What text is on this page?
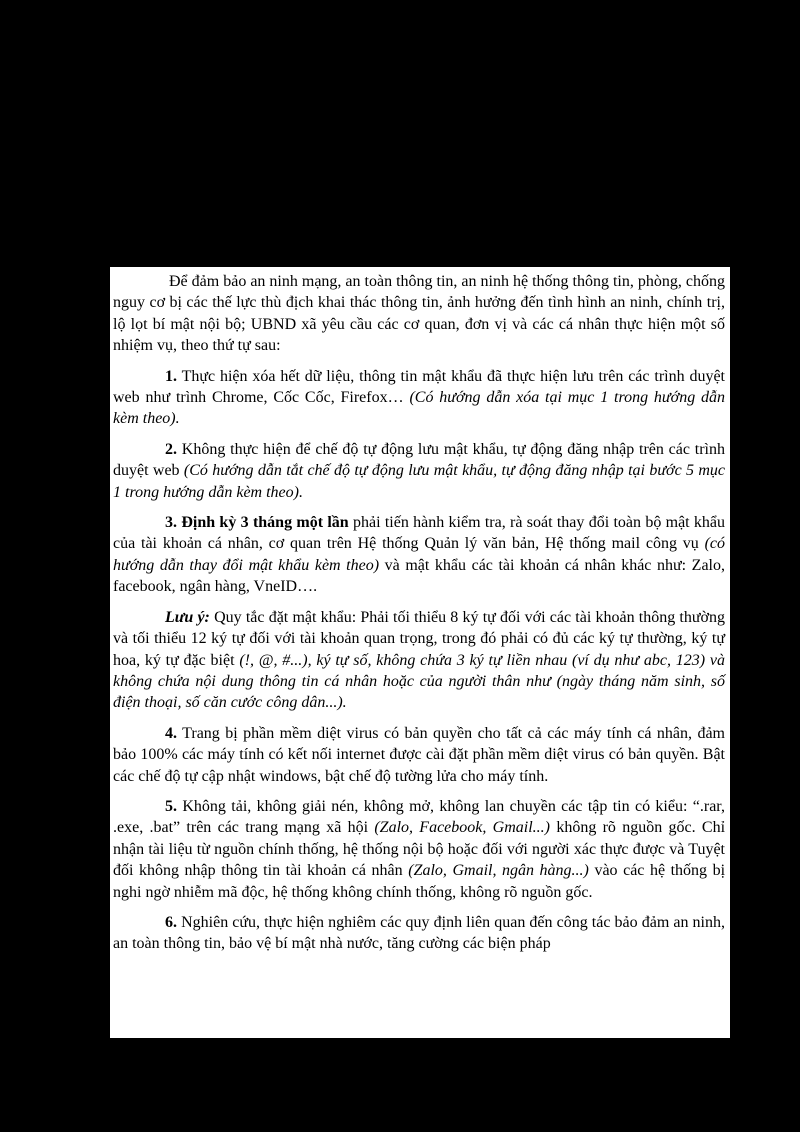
Để đảm bảo an ninh mạng, an toàn thông tin, an ninh hệ thống thông tin, phòng, chống nguy cơ bị các thế lực thù địch khai thác thông tin, ảnh hưởng đến tình hình an ninh, chính trị, lộ lọt bí mật nội bộ; UBND xã yêu cầu các cơ quan, đơn vị và các cá nhân thực hiện một số nhiệm vụ, theo thứ tự sau:

1. Thực hiện xóa hết dữ liệu, thông tin mật khẩu đã thực hiện lưu trên các trình duyệt web như trình Chrome, Cốc Cốc, Firefox… (Có hướng dẫn xóa tại mục 1 trong hướng dẫn kèm theo).

2. Không thực hiện để chế độ tự động lưu mật khẩu, tự động đăng nhập trên các trình duyệt web (Có hướng dẫn tắt chế độ tự động lưu mật khẩu, tự động đăng nhập tại bước 5 mục 1 trong hướng dẫn kèm theo).

3. Định kỳ 3 tháng một lần phải tiến hành kiểm tra, rà soát thay đổi toàn bộ mật khẩu của tài khoản cá nhân, cơ quan trên Hệ thống Quản lý văn bản, Hệ thống mail công vụ (có hướng dẫn thay đổi mật khẩu kèm theo) và mật khẩu các tài khoản cá nhân khác như: Zalo, facebook, ngân hàng, VneID….

Lưu ý: Quy tắc đặt mật khẩu: Phải tối thiểu 8 ký tự đối với các tài khoản thông thường và tối thiểu 12 ký tự đối với tài khoản quan trọng, trong đó phải có đủ các ký tự thường, ký tự hoa, ký tự đặc biệt (!, @, #...), ký tự số, không chứa 3 ký tự liền nhau (ví dụ như abc, 123) và không chứa nội dung thông tin cá nhân hoặc của người thân như (ngày tháng năm sinh, số điện thoại, số căn cước công dân...).

4. Trang bị phần mềm diệt virus có bản quyền cho tất cả các máy tính cá nhân, đảm bảo 100% các máy tính có kết nối internet được cài đặt phần mềm diệt virus có bản quyền. Bật các chế độ tự cập nhật windows, bật chế độ tường lửa cho máy tính.

5. Không tải, không giải nén, không mở, không lan chuyền các tập tin có kiểu: “.rar, .exe, .bat” trên các trang mạng xã hội (Zalo, Facebook, Gmail...) không rõ nguồn gốc. Chỉ nhận tài liệu từ nguồn chính thống, hệ thống nội bộ hoặc đối với người xác thực được và Tuyệt đối không nhập thông tin tài khoản cá nhân (Zalo, Gmail, ngân hàng...) vào các hệ thống bị nghi ngờ nhiễm mã độc, hệ thống không chính thống, không rõ nguồn gốc.

6. Nghiên cứu, thực hiện nghiêm các quy định liên quan đến công tác bảo đảm an ninh, an toàn thông tin, bảo vệ bí mật nhà nước, tăng cường các biện pháp
